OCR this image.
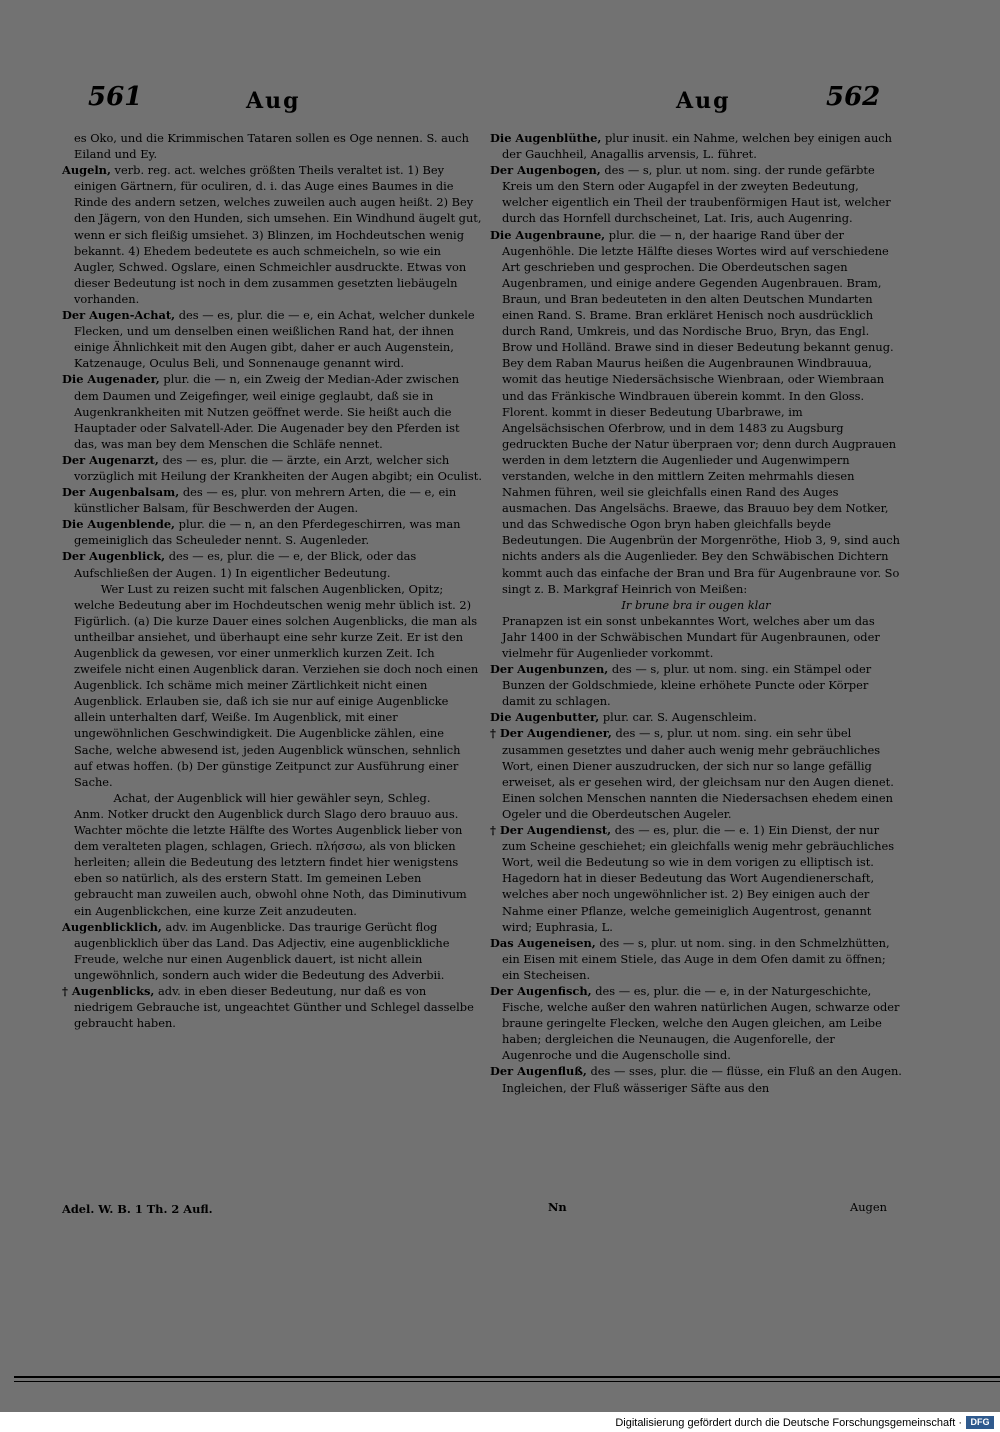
561	Aug	Aug	562

es Oko, und die Krimmischen Tataren sollen es Oge nennen. S. auch Eiland und Ey.

Augeln, verb. reg. act. welches größten Theils veraltet ist. 1) Bey einigen Gärtnern, für oculiren, d. i. das Auge eines Baumes in die Rinde des andern setzen, welches zuweilen auch augen heißt. 2) Bey den Jägern, von den Hunden, sich umsehen. Ein Windhund äugelt gut, wenn er sich fleißig umsiehet. 3) Blinzen, im Hochdeutschen wenig bekannt. 4) Ehedem bedeutete es auch schmeicheln, so wie ein Augler, Schwed. Ogslare, einen Schmeichler ausdruckte. Etwas von dieser Bedeutung ist noch in dem zusammen gesetzten liebäugeln vorhanden.

Der Augen-Achat, des — es, plur. die — e, ein Achat, welcher dunkele Flecken, und um denselben einen weißlichen Rand hat, der ihnen einige Ähnlichkeit mit den Augen gibt, daher er auch Augenstein, Katzenauge, Oculus Beli, und Sonnenauge genannt wird.

Die Augenader, plur. die — n, ein Zweig der Median-Ader zwischen dem Daumen und Zeigefinger, weil einige geglaubt, daß sie in Augenkrankheiten mit Nutzen geöffnet werde. Sie heißt auch die Hauptader oder Salvatell-Ader. Die Augenader bey den Pferden ist das, was man bey dem Menschen die Schläfe nennet.

Der Augenarzt, des — es, plur. die — ärzte, ein Arzt, welcher sich vorzüglich mit Heilung der Krankheiten der Augen abgibt; ein Oculist.

Der Augenbalsam, des — es, plur. von mehrern Arten, die — e, ein künstlicher Balsam, für Beschwerden der Augen.

Die Augenblende, plur. die — n, an den Pferdegeschirren, was man gemeiniglich das Scheuleder nennt. S. Augenleder.

Der Augenblick, des — es, plur. die — e, der Blick, oder das Aufschließen der Augen. 1) In eigentlicher Bedeutung.

Wer Lust zu reizen sucht mit falschen Augenblicken, Opitz;

welche Bedeutung aber im Hochdeutschen wenig mehr üblich ist. 2) Figürlich. (a) Die kurze Dauer eines solchen Augenblicks, die man als untheilbar ansiehet, und überhaupt eine sehr kurze Zeit. Er ist den Augenblick da gewesen, vor einer unmerklich kurzen Zeit. Ich zweifele nicht einen Augenblick daran. Verziehen sie doch noch einen Augenblick. Ich schäme mich meiner Zärtlichkeit nicht einen Augenblick. Erlauben sie, daß ich sie nur auf einige Augenblicke allein unterhalten darf, Weiße. Im Augenblick, mit einer ungewöhnlichen Geschwindigkeit. Die Augenblicke zählen, eine Sache, welche abwesend ist, jeden Augenblick wünschen, sehnlich auf etwas hoffen. (b) Der günstige Zeitpunct zur Ausführung einer Sache.

Achat, der Augenblick will hier gewähler seyn, Schleg.

Anm. Notker druckt den Augenblick durch Slago dero brauuo aus. Wachter möchte die letzte Hälfte des Wortes Augenblick lieber von dem veralteten plagen, schlagen, Griech. πλήσσω, als von blicken herleiten; allein die Bedeutung des letztern findet hier wenigstens eben so natürlich, als des erstern Statt. Im gemeinen Leben gebraucht man zuweilen auch, obwohl ohne Noth, das Diminutivum ein Augenblickchen, eine kurze Zeit anzudeuten.

Augenblicklich, adv. im Augenblicke. Das traurige Gerücht flog augenblicklich über das Land. Das Adjectiv, eine augenblickliche Freude, welche nur einen Augenblick dauert, ist nicht allein ungewöhnlich, sondern auch wider die Bedeutung des Adverbii.

† Augenblicks, adv. in eben dieser Bedeutung, nur daß es von niedrigem Gebrauche ist, ungeachtet Günther und Schlegel dasselbe gebraucht haben.

Adel. W. B. 1 Th. 2 Aufl.

Die Augenblüthe, plur inusit. ein Nahme, welchen bey einigen auch der Gauchheil, Anagallis arvensis, L. führet.

Der Augenbogen, des — s, plur. ut nom. sing. der runde gefärbte Kreis um den Stern oder Augapfel in der zweyten Bedeutung, welcher eigentlich ein Theil der traubenförmigen Haut ist, welcher durch das Hornfell durchscheinet, Lat. Iris, auch Augenring.

Die Augenbraune, plur. die — n, der haarige Rand über der Augenhöhle. Die letzte Hälfte dieses Wortes wird auf verschiedene Art geschrieben und gesprochen. Die Oberdeutschen sagen Augenbramen, und einige andere Gegenden Augenbrauen. Bram, Braun, und Bran bedeuteten in den alten Deutschen Mundarten einen Rand. S. Brame. Bran erkläret Henisch noch ausdrücklich durch Rand, Umkreis, und das Nordische Bruo, Bryn, das Engl. Brow und Holländ. Brawe sind in dieser Bedeutung bekannt genug. Bey dem Raban Maurus heißen die Augenbraunen Windbrauua, womit das heutige Niedersächsische Wienbraan, oder Wiembraan und das Fränkische Windbrauen überein kommt. In den Gloss. Florent. kommt in dieser Bedeutung Ubarbrawe, im Angelsächsischen Oferbrow, und in dem 1483 zu Augsburg gedruckten Buche der Natur überpraen vor; denn durch Augprauen werden in dem letztern die Augenlieder und Augenwimpern verstanden, welche in den mittlern Zeiten mehrmahls diesen Nahmen führen, weil sie gleichfalls einen Rand des Auges ausmachen. Das Angelsächs. Braewe, das Brauuo bey dem Notker, und das Schwedische Ogon bryn haben gleichfalls beyde Bedeutungen. Die Augenbrün der Morgenröthe, Hiob 3, 9, sind auch nichts anders als die Augenlieder. Bey den Schwäbischen Dichtern kommt auch das einfache der Bran und Bra für Augenbraune vor. So singt z. B. Markgraf Heinrich von Meißen:

Ir brune bra ir ougen klar

Pranapzen ist ein sonst unbekanntes Wort, welches aber um das Jahr 1400 in der Schwäbischen Mundart für Augenbraunen, oder vielmehr für Augenlieder vorkommt.

Der Augenbunzen, des — s, plur. ut nom. sing. ein Stämpel oder Bunzen der Goldschmiede, kleine erhöhete Puncte oder Körper damit zu schlagen.

Die Augenbutter, plur. car. S. Augenschleim.

† Der Augendiener, des — s, plur. ut nom. sing. ein sehr übel zusammen gesetztes und daher auch wenig mehr gebräuchliches Wort, einen Diener auszudrucken, der sich nur so lange gefällig erweiset, als er gesehen wird, der gleichsam nur den Augen dienet. Einen solchen Menschen nannten die Niedersachsen ehedem einen Ogeler und die Oberdeutschen Augeler.

† Der Augendienst, des — es, plur. die — e. 1) Ein Dienst, der nur zum Scheine geschiehet; ein gleichfalls wenig mehr gebräuchliches Wort, weil die Bedeutung so wie in dem vorigen zu elliptisch ist. Hagedorn hat in dieser Bedeutung das Wort Augendienerschaft, welches aber noch ungewöhnlicher ist. 2) Bey einigen auch der Nahme einer Pflanze, welche gemeiniglich Augentrost, genannt wird; Euphrasia, L.

Das Augeneisen, des — s, plur. ut nom. sing. in den Schmelzhütten, ein Eisen mit einem Stiele, das Auge in dem Ofen damit zu öffnen; ein Stecheisen.

Der Augenfisch, des — es, plur. die — e, in der Naturgeschichte, Fische, welche außer den wahren natürlichen Augen, schwarze oder braune geringelte Flecken, welche den Augen gleichen, am Leibe haben; dergleichen die Neunaugen, die Augenforelle, der Augenroche und die Augenscholle sind.

Der Augenfluß, des — sses, plur. die — flüsse, ein Fluß an den Augen. Ingleichen, der Fluß wässeriger Säfte aus den

Nn	Augen
Digitalisierung gefördert durch die Deutsche Forschungsgemeinschaft · DFG
